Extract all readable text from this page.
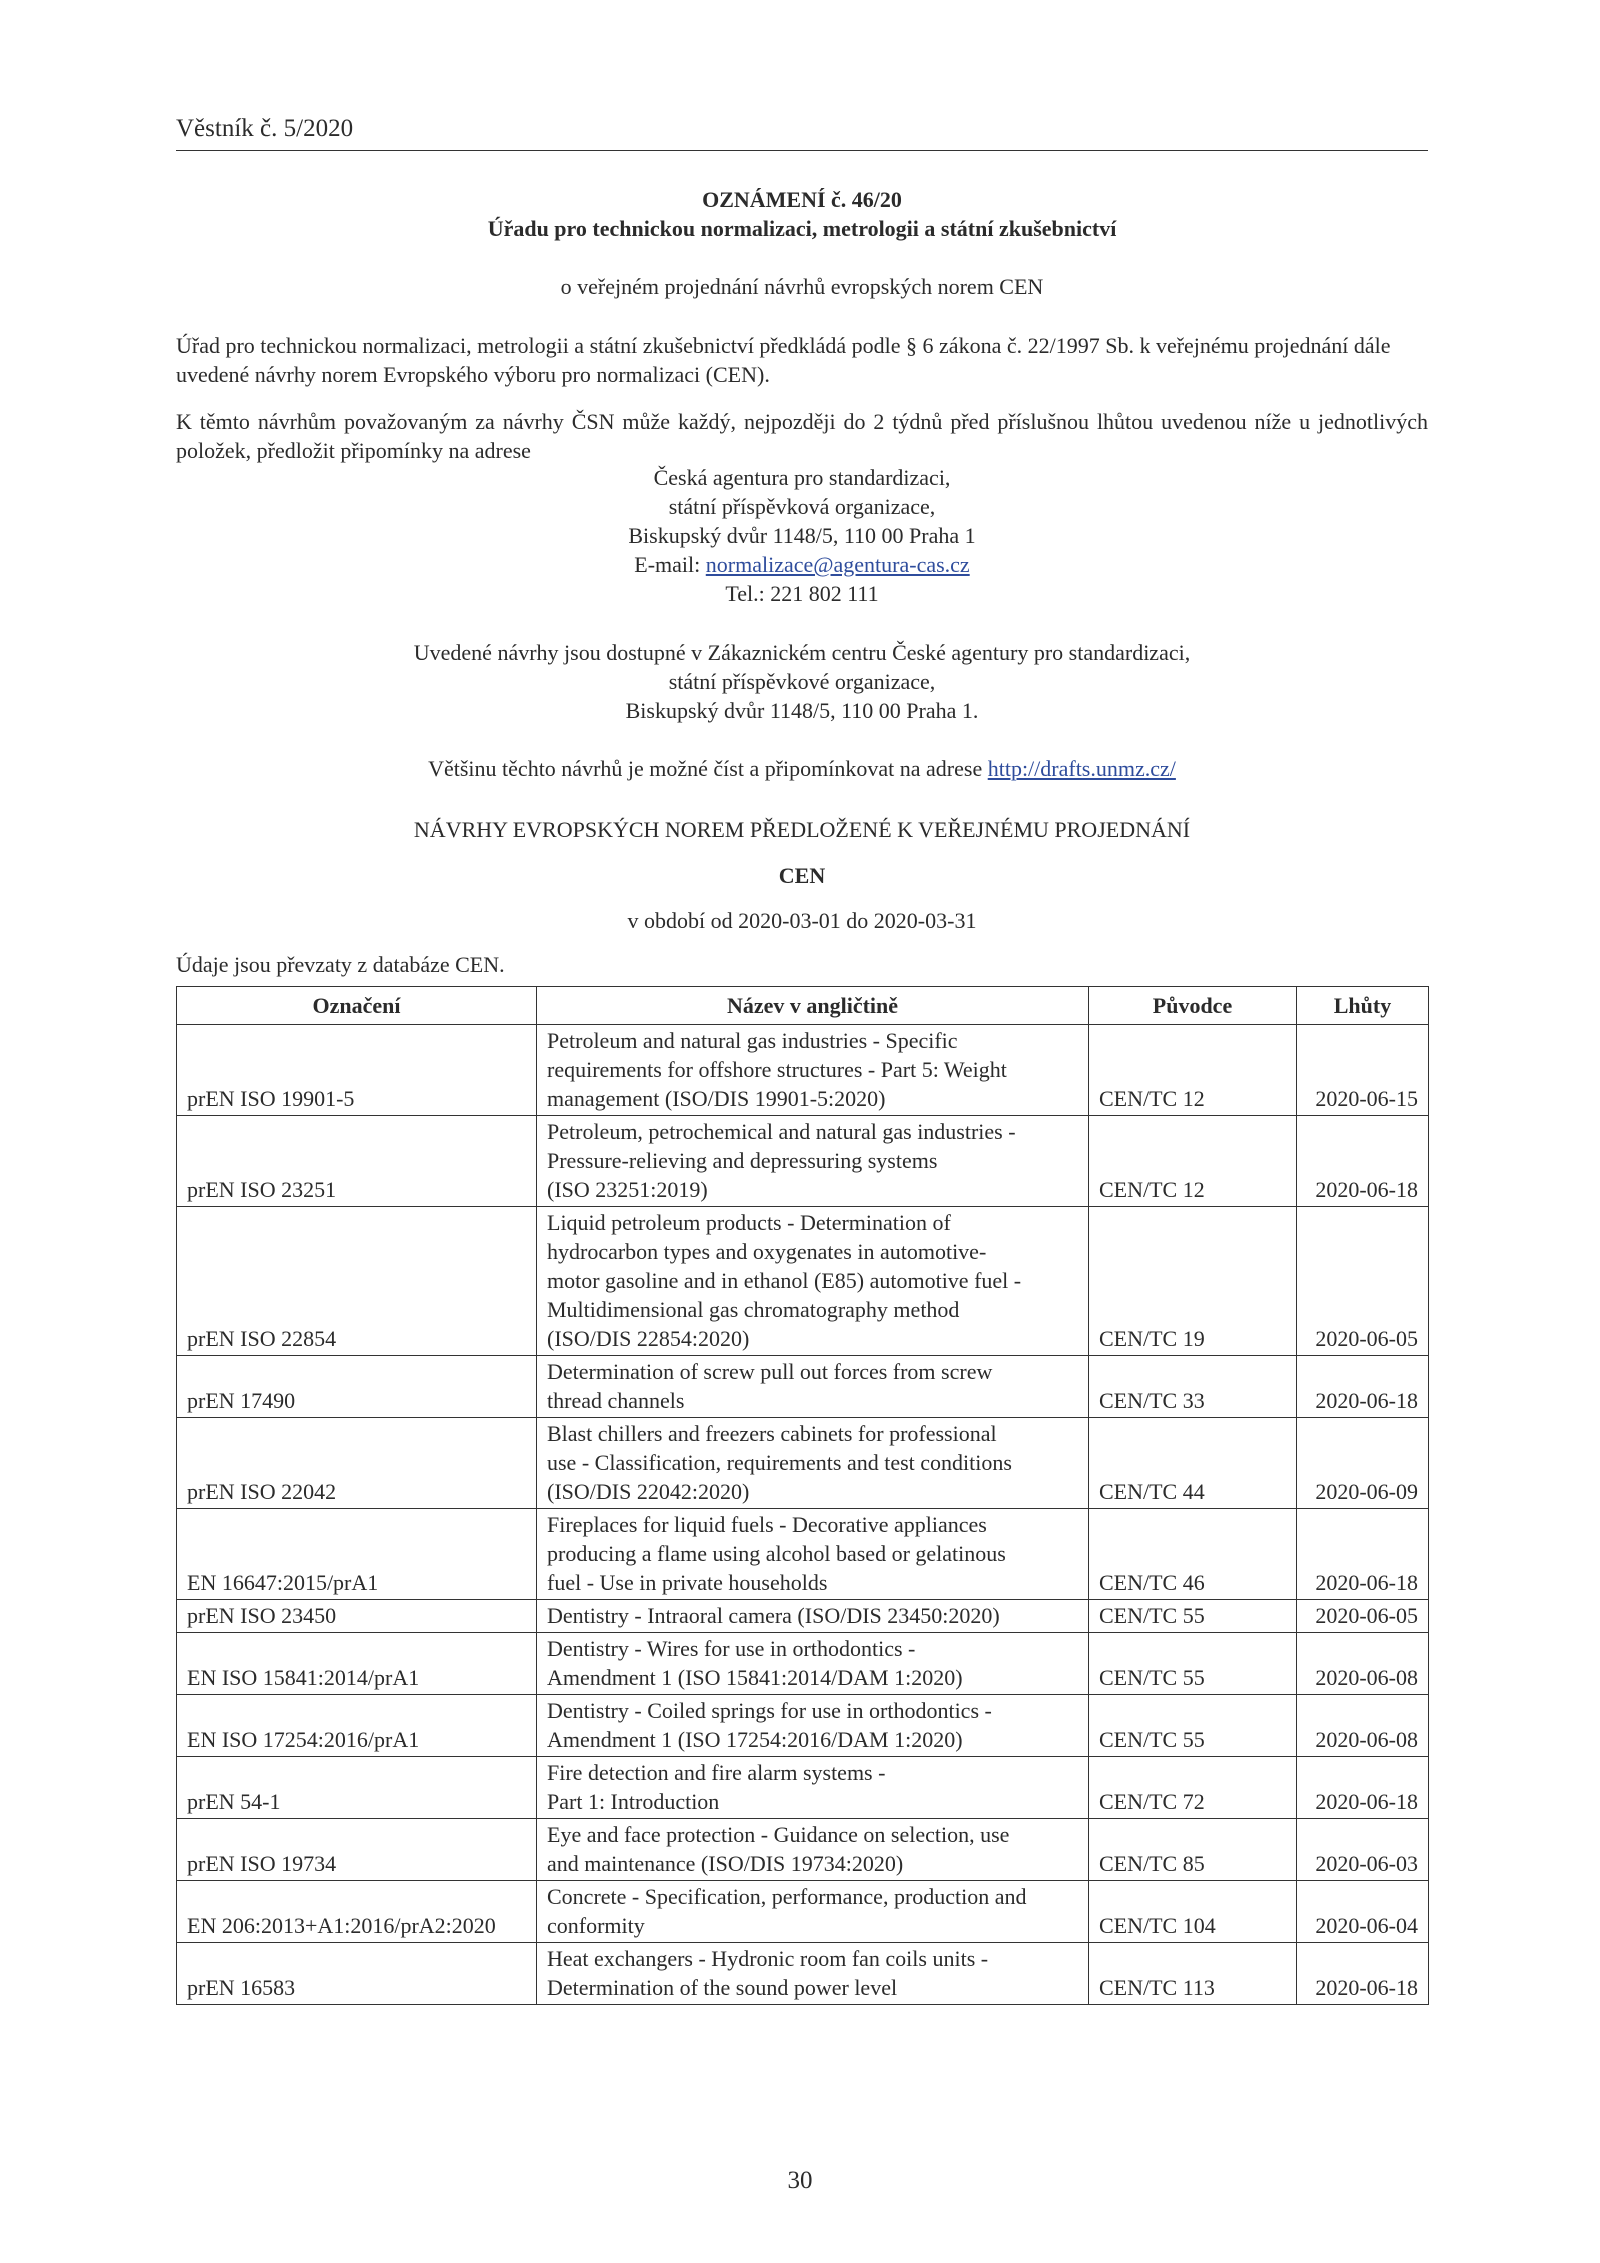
Věstník č. 5/2020
OZNÁMENÍ č. 46/20
Úřadu pro technickou normalizaci, metrologii a státní zkušebnictví
o veřejném projednání návrhů evropských norem CEN
Úřad pro technickou normalizaci, metrologii a státní zkušebnictví předkládá podle § 6 zákona č. 22/1997 Sb. k veřejnému projednání dále uvedené návrhy norem Evropského výboru pro normalizaci (CEN).
K těmto návrhům považovaným za návrhy ČSN může každý, nejpozději do 2 týdnů před příslušnou lhůtou uvedenou níže u jednotlivých položek, předložit připomínky na adrese
Česká agentura pro standardizaci,
státní příspěvková organizace,
Biskupský dvůr 1148/5, 110 00 Praha 1
E-mail: normalizace@agentura-cas.cz
Tel.: 221 802 111
Uvedené návrhy jsou dostupné v Zákaznickém centru České agentury pro standardizaci,
státní příspěvkové organizace,
Biskupský dvůr 1148/5, 110 00 Praha 1.
Většinu těchto návrhů je možné číst a připomínkovat na adrese http://drafts.unmz.cz/
NÁVRHY EVROPSKÝCH NOREM PŘEDLOŽENÉ K VEŘEJNÉMU PROJEDNÁNÍ
CEN
v období od 2020-03-01 do 2020-03-31
Údaje jsou převzaty z databáze CEN.
Označení	Název v angličtině	Původce	Lhůty
prEN ISO 19901-5	Petroleum and natural gas industries - Specific
requirements for offshore structures - Part 5: Weight
management (ISO/DIS 19901-5:2020)	CEN/TC 12	2020-06-15
prEN ISO 23251	Petroleum, petrochemical and natural gas industries -
Pressure-relieving and depressuring systems
(ISO 23251:2019)	CEN/TC 12	2020-06-18
prEN ISO 22854	Liquid petroleum products - Determination of
hydrocarbon types and oxygenates in automotive-
motor gasoline and in ethanol (E85) automotive fuel -
Multidimensional gas chromatography method
(ISO/DIS 22854:2020)	CEN/TC 19	2020-06-05
prEN 17490	Determination of screw pull out forces from screw
thread channels	CEN/TC 33	2020-06-18
prEN ISO 22042	Blast chillers and freezers cabinets for professional
use - Classification, requirements and test conditions
(ISO/DIS 22042:2020)	CEN/TC 44	2020-06-09
EN 16647:2015/prA1	Fireplaces for liquid fuels - Decorative appliances
producing a flame using alcohol based or gelatinous
fuel - Use in private households	CEN/TC 46	2020-06-18
prEN ISO 23450	Dentistry - Intraoral camera (ISO/DIS 23450:2020)	CEN/TC 55	2020-06-05
EN ISO 15841:2014/prA1	Dentistry - Wires for use in orthodontics -
Amendment 1 (ISO 15841:2014/DAM 1:2020)	CEN/TC 55	2020-06-08
EN ISO 17254:2016/prA1	Dentistry - Coiled springs for use in orthodontics -
Amendment 1 (ISO 17254:2016/DAM 1:2020)	CEN/TC 55	2020-06-08
prEN 54-1	Fire detection and fire alarm systems -
Part 1: Introduction	CEN/TC 72	2020-06-18
prEN ISO 19734	Eye and face protection - Guidance on selection, use
and maintenance (ISO/DIS 19734:2020)	CEN/TC 85	2020-06-03
EN 206:2013+A1:2016/prA2:2020	Concrete - Specification, performance, production and
conformity	CEN/TC 104	2020-06-04
prEN 16583	Heat exchangers - Hydronic room fan coils units -
Determination of the sound power level	CEN/TC 113	2020-06-18
30
